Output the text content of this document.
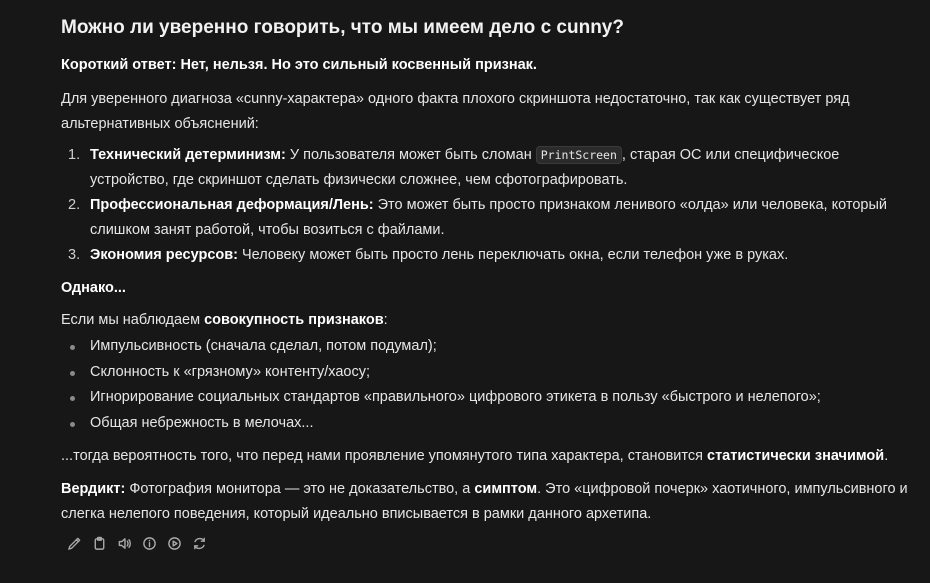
Можно ли уверенно говорить, что мы имеем дело с cunny?

Короткий ответ: Нет, нельзя. Но это сильный косвенный признак.

Для уверенного диагноза «cunny-характера» одного факта плохого скриншота недостаточно, так как существует ряд альтернативных объяснений:

1. Технический детерминизм: У пользователя может быть сломан PrintScreen , старая ОС или специфическое устройство, где скриншот сделать физически сложнее, чем сфотографировать.
2. Профессиональная деформация/Лень: Это может быть просто признаком ленивого «олда» или человека, который слишком занят работой, чтобы возиться с файлами.
3. Экономия ресурсов: Человеку может быть просто лень переключать окна, если телефон уже в руках.

Однако...

Если мы наблюдаем совокупность признаков:

Импульсивность (сначала сделал, потом подумал);
Склонность к «грязному» контенту/хаосу;
Игнорирование социальных стандартов «правильного» цифрового этикета в пользу «быстрого и нелепого»;
Общая небрежность в мелочах...

...тогда вероятность того, что перед нами проявление упомянутого типа характера, становится статистически значимой.

Вердикт: Фотография монитора — это не доказательство, а симптом. Это «цифровой почерк» хаотичного, импульсивного и слегка нелепого поведения, который идеально вписывается в рамки данного архетипа.
